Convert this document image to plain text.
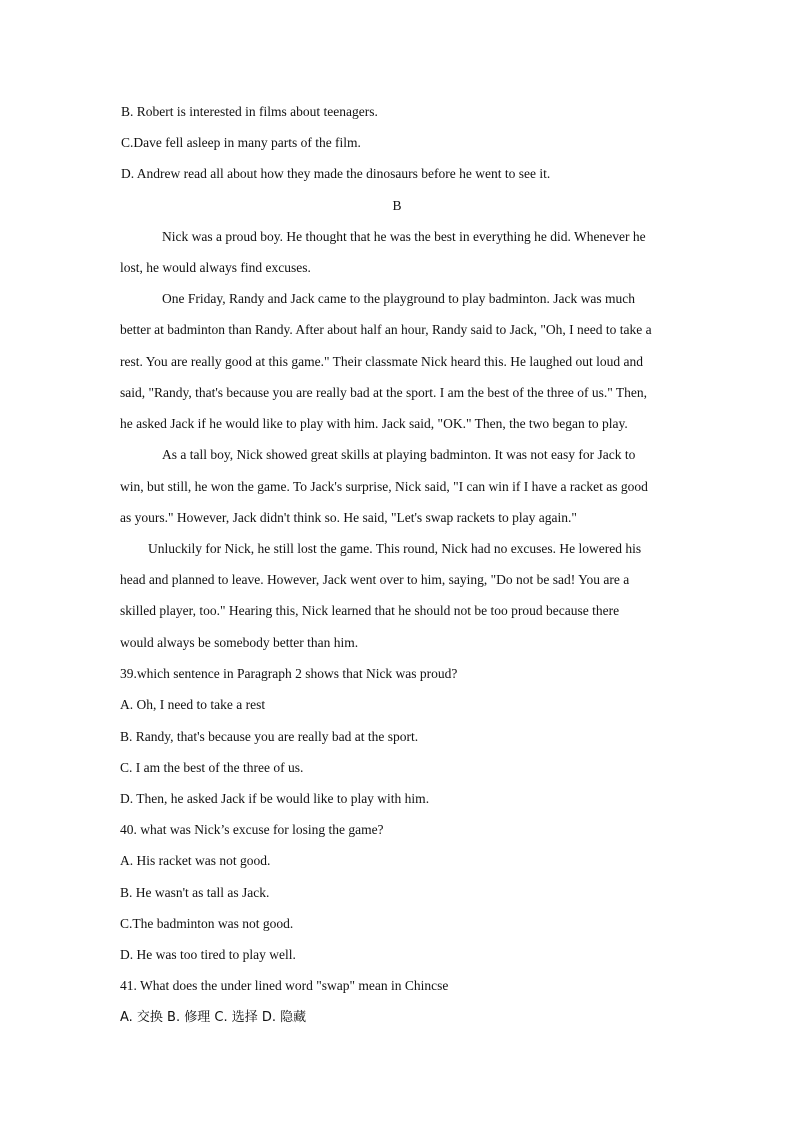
B. Robert is interested in films about teenagers.
C.Dave fell asleep in many parts of the film.
D. Andrew read all about how they made the dinosaurs before he went to see it.
B
Nick was a proud boy. He thought that he was the best in everything he did. Whenever he
lost, he would always find excuses.
One Friday, Randy and Jack came to the playground to play badminton. Jack was much
better at badminton than Randy. After about half an hour, Randy said to Jack, "Oh, I need to take a
rest. You are really good at this game." Their classmate Nick heard this. He laughed out loud and
said, "Randy, that's because you are really bad at the sport. I am the best of the three of us." Then,
he asked Jack if he would like to play with him. Jack said, "OK." Then, the two began to play.
As a tall boy, Nick showed great skills at playing badminton. It was not easy for Jack to
win, but still, he won the game. To Jack's surprise, Nick said, "I can win if I have a racket as good
as yours." However, Jack didn't think so. He said, "Let's swap rackets to play again."
Unluckily for Nick, he still lost the game. This round, Nick had no excuses. He lowered his
head and planned to leave. However, Jack went over to him, saying, "Do not be sad! You are a
skilled player, too." Hearing this, Nick learned that he should not be too proud because there
would always be somebody better than him.
39.which sentence in Paragraph 2 shows that Nick was proud?
A. Oh, I need to take a rest
B. Randy, that's because you are really bad at the sport.
C. I am the best of the three of us.
D. Then, he asked Jack if be would like to play with him.
40. what was Nick’s excuse for losing the game?
A. His racket was not good.
B. He wasn't as tall as Jack.
C.The badminton was not good.
D. He was too tired to play well.
41. What does the under lined word "swap" mean in Chincse
A. 交换 B. 修理 C. 选择 D. 隐藏
